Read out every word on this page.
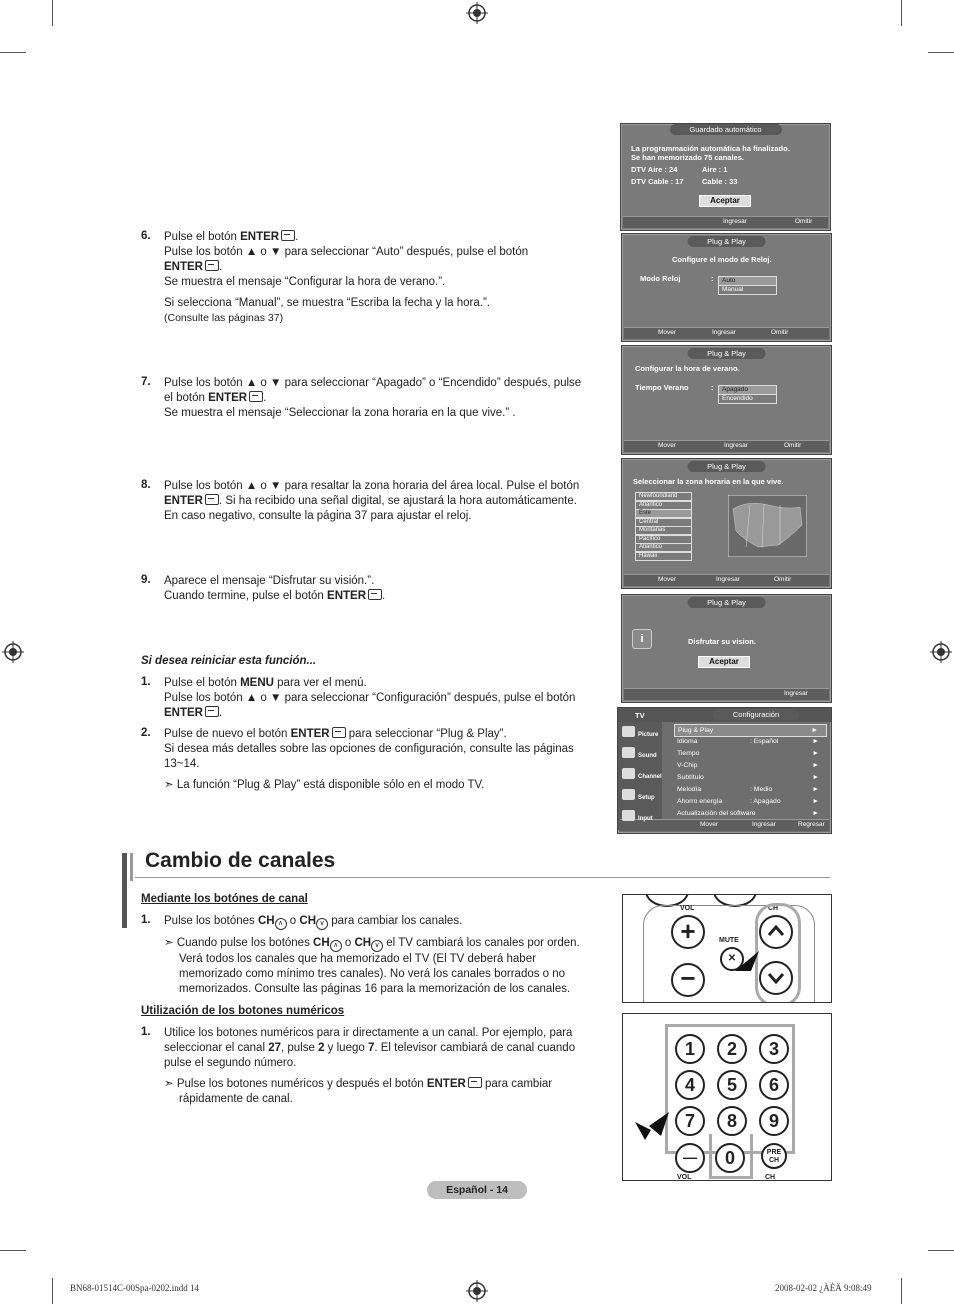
6. Pulse el botón ENTER .
Pulse los botón ▲ o ▼ para seleccionar “Auto” después, pulse el botón
ENTER .
Se muestra el mensaje “Configurar la hora de verano.”.
Si selecciona “Manual”, se muestra “Escriba la fecha y la hora.”.
(Consulte las páginas 37)
7. Pulse los botón ▲ o ▼ para seleccionar “Apagado” o “Encendido” después, pulse
el botón ENTER .
Se muestra el mensaje “Seleccionar la zona horaria en la que vive.” .
8. Pulse los botón ▲ o ▼ para resaltar la zona horaria del área local. Pulse el botón
ENTER . Si ha recibido una señal digital, se ajustará la hora automáticamente.
En caso negativo, consulte la página 37 para ajustar el reloj.
9. Aparece el mensaje “Disfrutar su visión.”.
Cuando termine, pulse el botón ENTER .
Si desea reiniciar esta función...
1. Pulse el botón MENU para ver el menú.
Pulse los botón ▲ o ▼ para seleccionar “Configuración” después, pulse el botón
ENTER .
2. Pulse de nuevo el botón ENTER para seleccionar “Plug & Play”.
Si desea más detalles sobre las opciones de configuración, consulte las páginas
13~14.
➣ La función “Plug & Play” está disponible sólo en el modo TV.
Guardado automático
La programmación automática ha finalizado.
Se han memorizado 75 canales.
DTV Aire : 24	Aire : 1
DTV Cable : 17 Cable : 33
Aceptar
Ingresar	Omitir
Plug & Play
Configure el modo de Reloj.
Modo Reloj	:	Auto
Manual
Mover	Ingresar	Omitir
Plug & Play
Configurar la hora de verano.
Tiempo Verano	:	Apagado
Encendido
Mover	Ingresar	Omitir
Plug & Play
Seleccionar la zona horaria en la que vive.
Mover	Ingresar	Omitir
Newfoundland
Atlántico
Este
Central
Montañas
Pacífico
Atlántico
Hawaii
Plug & Play
i	Disfrutar su vision.
Aceptar
Ingresar
TV	Configuración
Mover	Ingresar	Regresar
Picture
Sound
Channel
Setup
Input
Plug & Play	►
Idioma	: Español	►
Tiempo	►
V-Chip	►
Subtítulo	►
Melodía	: Medio	►
Ahorro energía	: Apagado	►
Actualización del software	►
Cambio de canales
Mediante los botónes de canal
1. Pulse los botónes CH ∧ o CH ∨ para cambiar los canales.
➣ Cuando pulse los botónes CH ∧ o CH ∨ el TV cambiará los canales por orden.
Verá todos los canales que ha memorizado el TV (El TV deberá haber
memorizado como mínimo tres canales). No verá los canales borrados o no
memorizados. Consulte las páginas 16 para la memorización de los canales.
Utilización de los botones numéricos
1. Utilice los botones numéricos para ir directamente a un canal. Por ejemplo, para
seleccionar el canal 27, pulse 2 y luego 7. El televisor cambiará de canal cuando
pulse el segundo número.
➣ Pulse los botones numéricos y después el botón ENTER para cambiar
rápidamente de canal.
VOL	CH
+
−
MUTE
✕
0	PRE
CH
—
VOL	CH
1	2	3
4	5	6
7	8	9
Español - 14
BN68-01514C-00Spa-0202.indd 14	2008-02-02 ¿ÀÈÄ 9:08:49
